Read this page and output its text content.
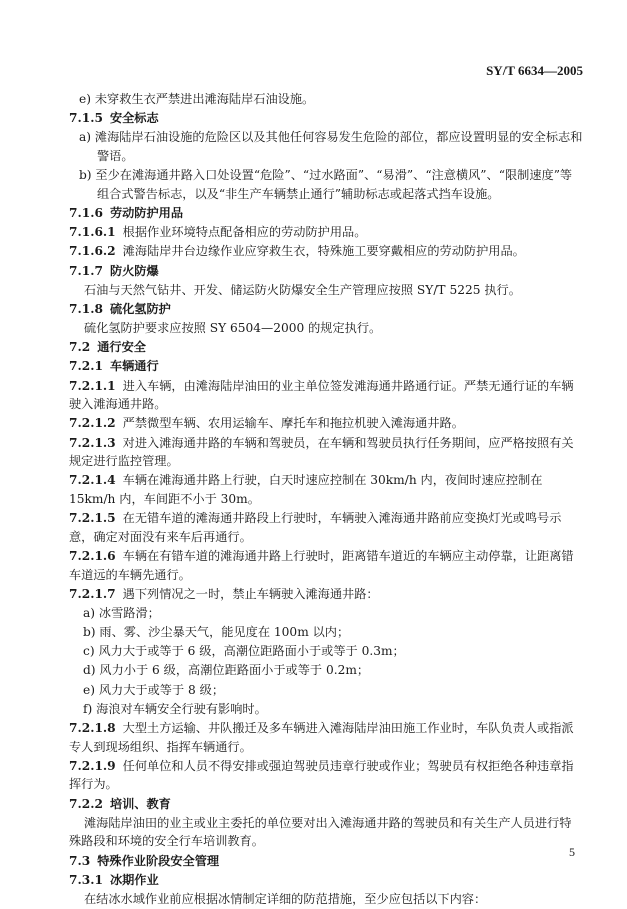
SY/T 6634—2005
e) 未穿救生衣严禁进出滩海陆岸石油设施。
7.1.5 安全标志
a) 滩海陆岸石油设施的危险区以及其他任何容易发生危险的部位，都应设置明显的安全标志和警语。
b) 至少在滩海通井路入口处设置“危险”、“过水路面”、“易滑”、“注意横风”、“限制速度”等组合式警告标志，以及“非生产车辆禁止通行”辅助标志或起落式挡车设施。
7.1.6 劳动防护用品
7.1.6.1 根据作业环境特点配备相应的劳动防护用品。
7.1.6.2 滩海陆岸井台边缘作业应穿救生衣，特殊施工要穿戴相应的劳动防护用品。
7.1.7 防火防爆
石油与天然气钻井、开发、储运防火防爆安全生产管理应按照 SY/T 5225 执行。
7.1.8 硫化氢防护
硫化氢防护要求应按照 SY 6504—2000 的规定执行。
7.2 通行安全
7.2.1 车辆通行
7.2.1.1 进入车辆，由滩海陆岸油田的业主单位签发滩海通井路通行证。严禁无通行证的车辆驶入滩海通井路。
7.2.1.2 严禁微型车辆、农用运输车、摩托车和拖拉机驶入滩海通井路。
7.2.1.3 对进入滩海通井路的车辆和驾驶员，在车辆和驾驶员执行任务期间，应严格按照有关规定进行监控管理。
7.2.1.4 车辆在滩海通井路上行驶，白天时速应控制在 30km/h 内，夜间时速应控制在 15km/h 内，车间距不小于 30m。
7.2.1.5 在无错车道的滩海通井路段上行驶时，车辆驶入滩海通井路前应变换灯光或鸣号示意，确定对面没有来车后再通行。
7.2.1.6 车辆在有错车道的滩海通井路上行驶时，距离错车道近的车辆应主动停靠，让距离错车道远的车辆先通行。
7.2.1.7 遇下列情况之一时，禁止车辆驶入滩海通井路：
a) 冰雪路滑；
b) 雨、雾、沙尘暴天气，能见度在 100m 以内；
c) 风力大于或等于 6 级，高潮位距路面小于或等于 0.3m；
d) 风力小于 6 级，高潮位距路面小于或等于 0.2m；
e) 风力大于或等于 8 级；
f) 海浪对车辆安全行驶有影响时。
7.2.1.8 大型土方运输、井队搬迁及多车辆进入滩海陆岸油田施工作业时，车队负责人或指派专人到现场组织、指挥车辆通行。
7.2.1.9 任何单位和人员不得安排或强迫驾驶员违章行驶或作业；驾驶员有权拒绝各种违章指挥行为。
7.2.2 培训、教育
滩海陆岸油田的业主或业主委托的单位要对出入滩海通井路的驾驶员和有关生产人员进行特殊路段和环境的安全行车培训教育。
7.3 特殊作业阶段安全管理
7.3.1 冰期作业
在结冰水域作业前应根据冰情制定详细的防范措施，至少应包括以下内容：
5
